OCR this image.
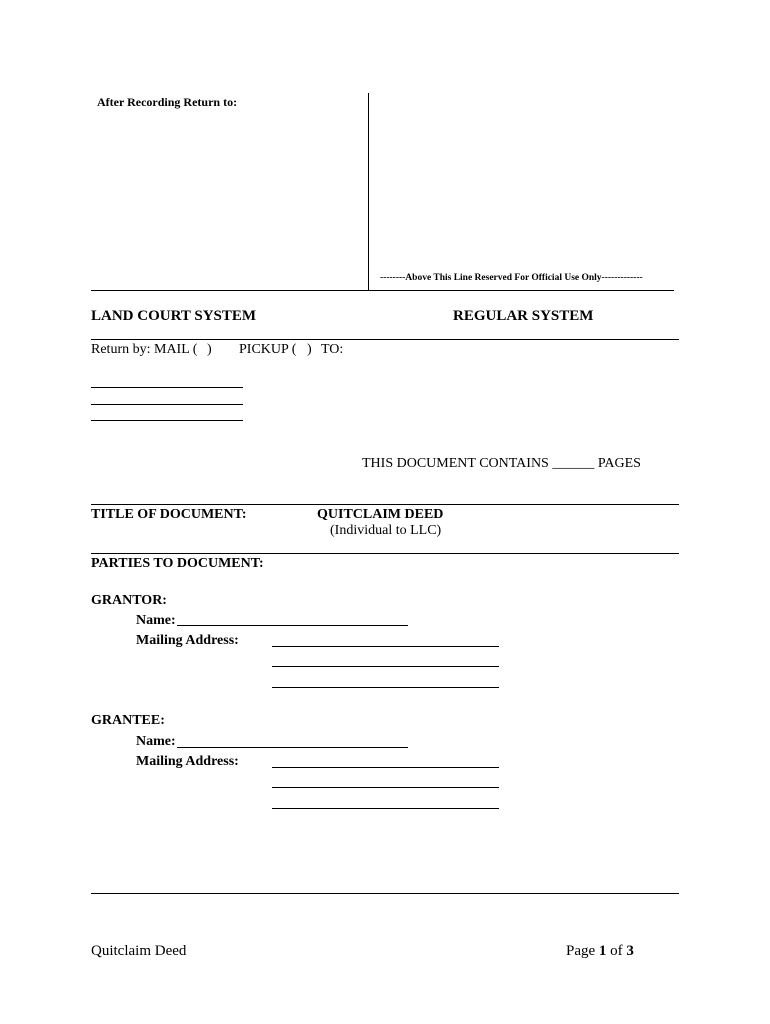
After Recording Return to:
--------Above This Line Reserved For Official Use Only-------------
LAND COURT SYSTEM	REGULAR SYSTEM
Return by: MAIL ( ) PICKUP ( ) TO:
THIS DOCUMENT CONTAINS ______ PAGES
TITLE OF DOCUMENT:	QUITCLAIM DEED
(Individual to LLC)
PARTIES TO DOCUMENT:
GRANTOR:
Name:
Mailing Address:
GRANTEE:
Name:
Mailing Address:
Quitclaim Deed	Page 1 of 3
